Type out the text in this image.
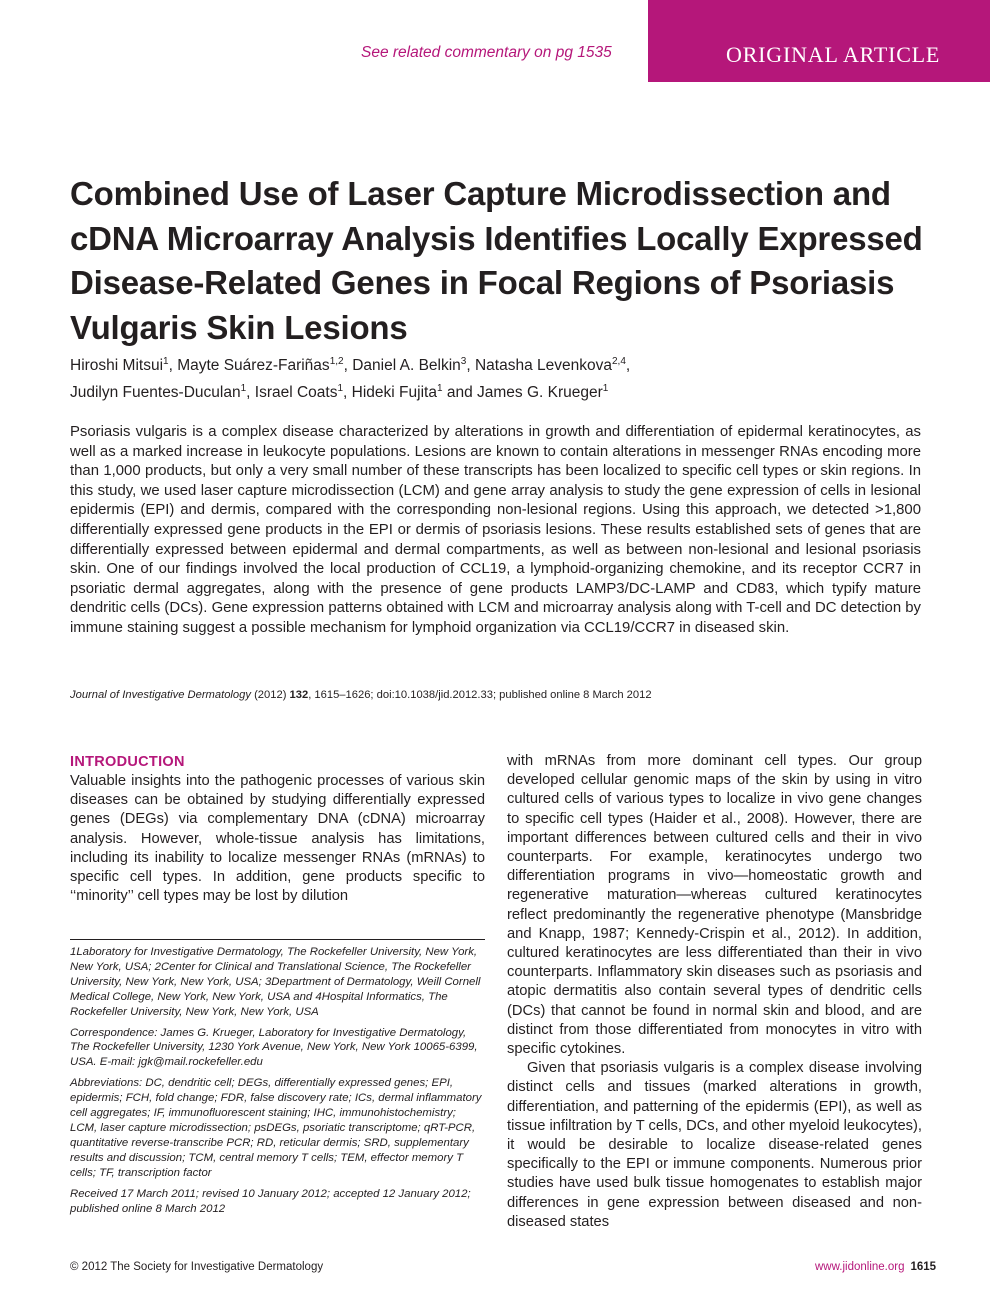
See related commentary on pg 1535	ORIGINAL ARTICLE
Combined Use of Laser Capture Microdissection and cDNA Microarray Analysis Identifies Locally Expressed Disease-Related Genes in Focal Regions of Psoriasis Vulgaris Skin Lesions
Hiroshi Mitsui$^1$, Mayte Suárez-Fariñas$^{1,2}$, Daniel A. Belkin$^3$, Natasha Levenkova$^{2,4}$,
Judilyn Fuentes-Duculan$^1$, Israel Coats$^1$, Hideki Fujita$^1$ and James G. Krueger$^1$

Psoriasis vulgaris is a complex disease characterized by alterations in growth and differentiation of epidermal keratinocytes, as well as a marked increase in leukocyte populations. Lesions are known to contain alterations in messenger RNAs encoding more than 1,000 products, but only a very small number of these transcripts has been localized to specific cell types or skin regions. In this study, we used laser capture microdissection (LCM) and gene array analysis to study the gene expression of cells in lesional epidermis (EPI) and dermis, compared with the corresponding non-lesional regions. Using this approach, we detected >1,800 differentially expressed gene products in the EPI or dermis of psoriasis lesions. These results established sets of genes that are differentially expressed between epidermal and dermal compartments, as well as between non-lesional and lesional psoriasis skin. One of our findings involved the local production of CCL19, a lymphoid-organizing chemokine, and its receptor CCR7 in psoriatic dermal aggregates, along with the presence of gene products LAMP3/DC-LAMP and CD83, which typify mature dendritic cells (DCs). Gene expression patterns obtained with LCM and microarray analysis along with T-cell and DC detection by immune staining suggest a possible mechanism for lymphoid organization via CCL19/CCR7 in diseased skin.

Journal of Investigative Dermatology (2012) 132, 1615–1626; doi:10.1038/jid.2012.33; published online 8 March 2012
INTRODUCTION

Valuable insights into the pathogenic processes of various skin diseases can be obtained by studying differentially expressed genes (DEGs) via complementary DNA (cDNA) microarray analysis. However, whole-tissue analysis has limitations, including its inability to localize messenger RNAs (mRNAs) to specific cell types. In addition, gene products specific to ‘‘minority’’ cell types may be lost by dilution

with mRNAs from more dominant cell types. Our group developed cellular genomic maps of the skin by using in vitro cultured cells of various types to localize in vivo gene changes to specific cell types (Haider et al., 2008). However, there are important differences between cultured cells and their in vivo counterparts. For example, keratinocytes undergo two differentiation programs in vivo—homeostatic growth and regenerative maturation—whereas cultured keratinocytes reflect predominantly the regenerative phenotype (Mansbridge and Knapp, 1987; Kennedy-Crispin et al., 2012). In addition, cultured keratinocytes are less differentiated than their in vivo counterparts. Inflammatory skin diseases such as psoriasis and atopic dermatitis also contain several types of dendritic cells (DCs) that cannot be found in normal skin and blood, and are distinct from those differentiated from monocytes in vitro with specific cytokines.

Given that psoriasis vulgaris is a complex disease involving distinct cells and tissues (marked alterations in growth, differentiation, and patterning of the epidermis (EPI), as well as tissue infiltration by T cells, DCs, and other myeloid leukocytes), it would be desirable to localize disease-related genes specifically to the EPI or immune components. Numerous prior studies have used bulk tissue homogenates to establish major differences in gene expression between diseased and non-diseased states

1Laboratory for Investigative Dermatology, The Rockefeller University, New York, New York, USA; 2Center for Clinical and Translational Science, The Rockefeller University, New York, New York, USA; 3Department of Dermatology, Weill Cornell Medical College, New York, New York, USA and 4Hospital Informatics, The Rockefeller University, New York, New York, USA

Correspondence: James G. Krueger, Laboratory for Investigative Dermatology, The Rockefeller University, 1230 York Avenue, New York, New York 10065-6399, USA. E-mail: jgk@mail.rockefeller.edu

Abbreviations: DC, dendritic cell; DEGs, differentially expressed genes; EPI, epidermis; FCH, fold change; FDR, false discovery rate; ICs, dermal inflammatory cell aggregates; IF, immunofluorescent staining; IHC, immunohistochemistry; LCM, laser capture microdissection; psDEGs, psoriatic transcriptome; qRT-PCR, quantitative reverse-transcribe PCR; RD, reticular dermis; SRD, supplementary results and discussion; TCM, central memory T cells; TEM, effector memory T cells; TF, transcription factor

Received 17 March 2011; revised 10 January 2012; accepted 12 January 2012; published online 8 March 2012

© 2012 The Society for Investigative Dermatology	www.jidonline.org 1615
